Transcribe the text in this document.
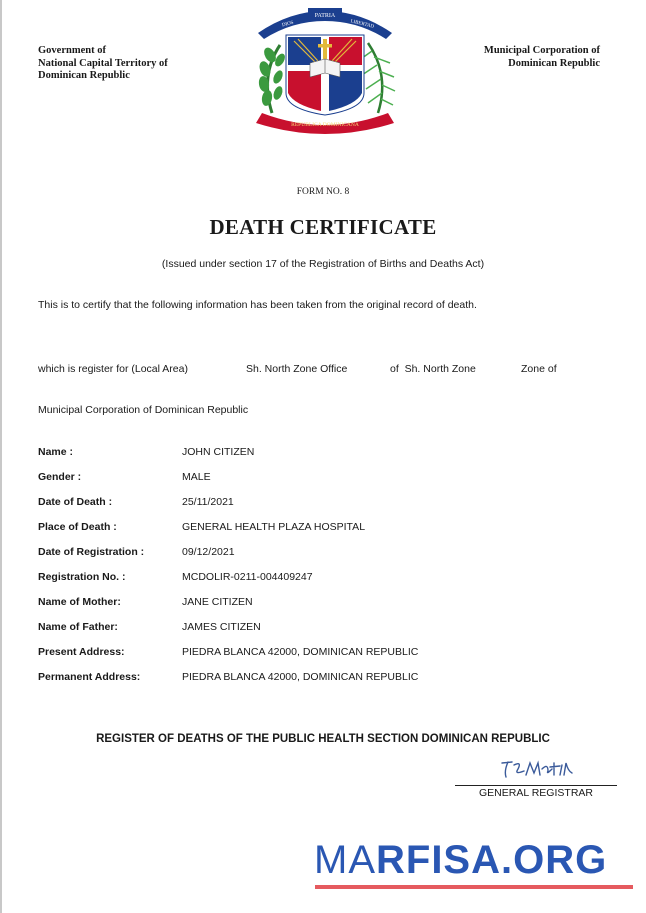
Government of
National Capital Territory of
Dominican Republic
PATRIA
DIOS	LIBERTAD
REPUBLICA DOMINICANA
Municipal Corporation of
Dominican Republic
FORM NO. 8
DEATH CERTIFICATE
(Issued under section 17 of the Registration of Births and Deaths Act)
This is to certify that the following information has been taken from the original record of death.
which is register for (Local Area)	Sh. North Zone Office	of  Sh. North Zone	Zone of
Municipal Corporation of Dominican Republic
Name :	JOHN CITIZEN
Gender :	MALE
Date of Death :	25/11/2021
Place of Death :	GENERAL HEALTH PLAZA HOSPITAL
Date of Registration :	09/12/2021
Registration No. :	MCDOLIR-0211-004409247
Name of Mother:	JANE CITIZEN
Name of Father:	JAMES CITIZEN
Present Address:	PIEDRA BLANCA 42000, DOMINICAN REPUBLIC
Permanent Address:	PIEDRA BLANCA 42000, DOMINICAN REPUBLIC
REGISTER OF DEATHS OF THE PUBLIC HEALTH SECTION DOMINICAN REPUBLIC
GENERAL REGISTRAR
MARFISA.ORG
